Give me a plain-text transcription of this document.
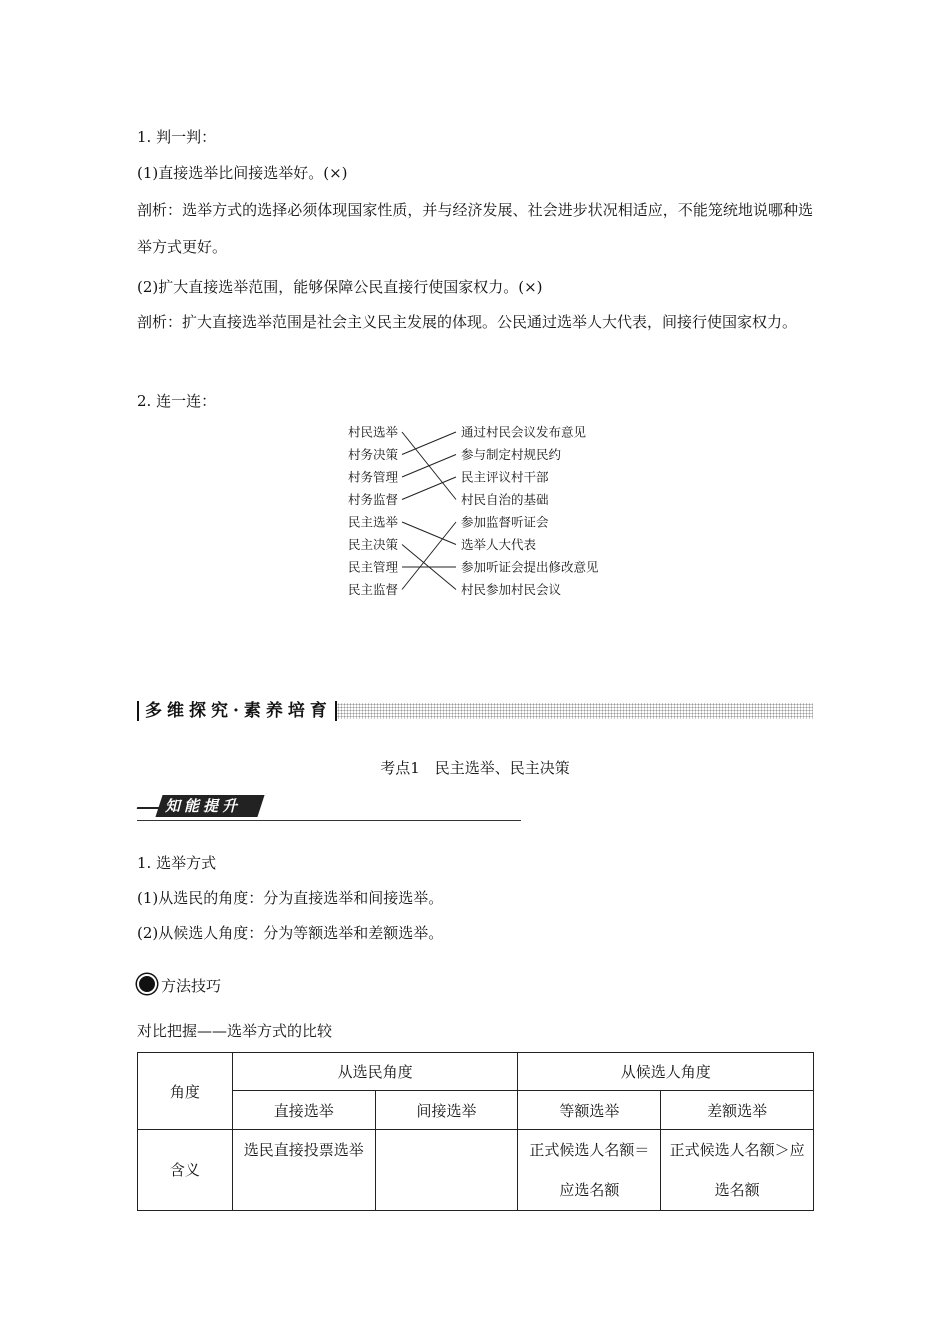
1. 判一判：
(1)直接选举比间接选举好。(×)
剖析：选举方式的选择必须体现国家性质，并与经济发展、社会进步状况相适应，不能笼统地说哪种选举方式更好。
(2)扩大直接选举范围，能够保障公民直接行使国家权力。(×)
剖析：扩大直接选举范围是社会主义民主发展的体现。公民通过选举人大代表，间接行使国家权力。
2. 连一连：
村民选举
村务决策
村务管理
村务监督
民主选举
民主决策
民主管理
民主监督
通过村民会议发布意见
参与制定村规民约
民主评议村干部
村民自治的基础
参加监督听证会
选举人大代表
参加听证会提出修改意见
村民参加村民会议
多维探究·素养培育
考点1　民主选举、民主决策
知能提升
1. 选举方式
(1)从选民的角度：分为直接选举和间接选举。
(2)从候选人角度：分为等额选举和差额选举。
方法技巧
对比把握——选举方式的比较
角度	从选民角度		从候选人角度	
	直接选举	间接选举	等额选举	差额选举
含义	选民直接投票选举		正式候选人名额＝应选名额	正式候选人名额＞应选名额
